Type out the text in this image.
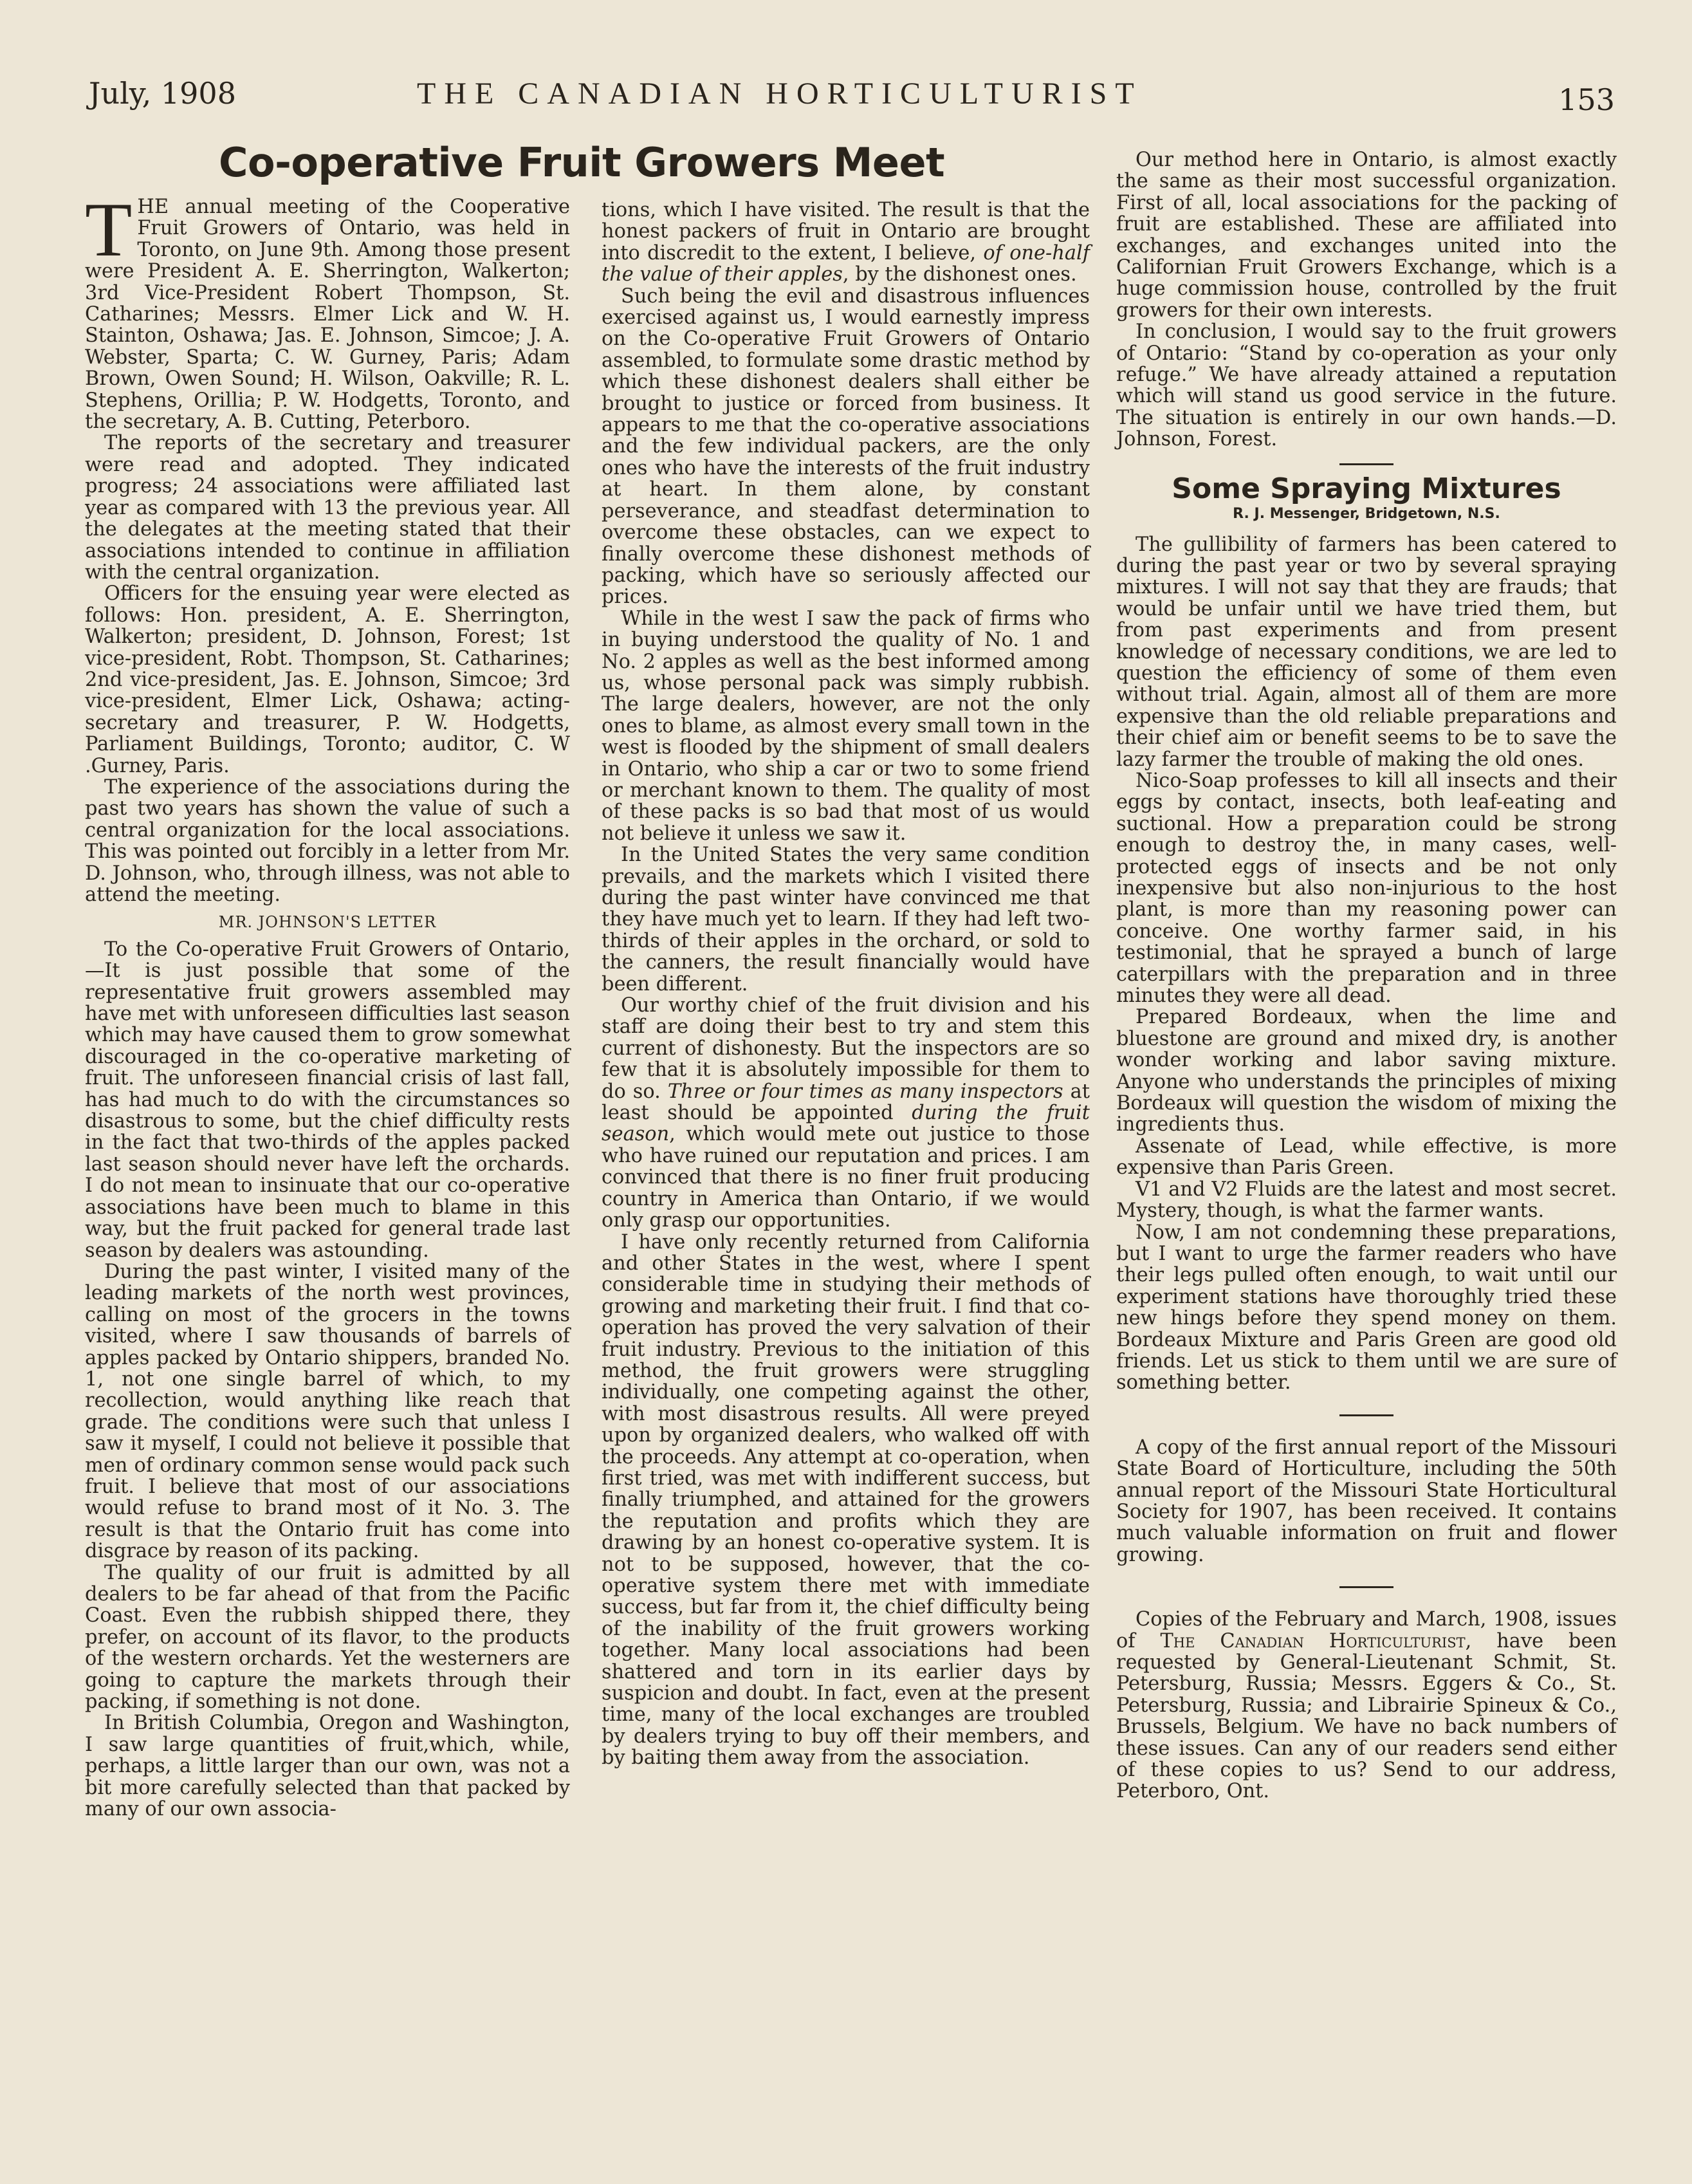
July, 1908	THE CANADIAN HORTICULTURIST	153
Co-operative Fruit Growers Meet

THE annual meeting of the Cooperative Fruit Growers of Ontario, was held in Toronto, on June 9th. Among those present were President A. E. Sherrington, Walkerton; 3rd Vice-President Robert Thompson, St. Catharines; Messrs. Elmer Lick and W. H. Stainton, Oshawa; Jas. E. Johnson, Simcoe; J. A. Webster, Sparta; C. W. Gurney, Paris; Adam Brown, Owen Sound; H. Wilson, Oakville; R. L. Stephens, Orillia; P. W. Hodgetts, Toronto, and the secretary, A. B. Cutting, Peterboro.

The reports of the secretary and treasurer were read and adopted. They indicated progress; 24 associations were affiliated last year as compared with 13 the previous year. All the delegates at the meeting stated that their associations intended to continue in affiliation with the central organization.

Officers for the ensuing year were elected as follows: Hon. president, A. E. Sherrington, Walkerton; president, D. Johnson, Forest; 1st vice-president, Robt. Thompson, St. Catharines; 2nd vice-president, Jas. E. Johnson, Simcoe; 3rd vice-president, Elmer Lick, Oshawa; acting-secretary and treasurer, P. W. Hodgetts, Parliament Buildings, Toronto; auditor, C. W .Gurney, Paris.

The experience of the associations during the past two years has shown the value of such a central organization for the local associations. This was pointed out forcibly in a letter from Mr. D. Johnson, who, through illness, was not able to attend the meeting.

MR. JOHNSON'S LETTER

To the Co-operative Fruit Growers of Ontario,—It is just possible that some of the representative fruit growers assembled may have met with unforeseen difficulties last season which may have caused them to grow somewhat discouraged in the co-operative marketing of fruit. The unforeseen financial crisis of last fall, has had much to do with the circumstances so disastrous to some, but the chief difficulty rests in the fact that two-thirds of the apples packed last season should never have left the orchards. I do not mean to insinuate that our co-operative associations have been much to blame in this way, but the fruit packed for general trade last season by dealers was astounding.

During the past winter, I visited many of the leading markets of the north west provinces, calling on most of the grocers in the towns visited, where I saw thousands of barrels of apples packed by Ontario shippers, branded No. 1, not one single barrel of which, to my recollection, would anything like reach that grade. The conditions were such that unless I saw it myself, I could not believe it possible that men of ordinary common sense would pack such fruit. I believe that most of our associations would refuse to brand most of it No. 3. The result is that the Ontario fruit has come into disgrace by reason of its packing.

The quality of our fruit is admitted by all dealers to be far ahead of that from the Pacific Coast. Even the rubbish shipped there, they prefer, on account of its flavor, to the products of the western orchards. Yet the westerners are going to capture the markets through their packing, if something is not done.

In British Columbia, Oregon and Washington, I saw large quantities of fruit,which, while, perhaps, a little larger than our own, was not a bit more carefully selected than that packed by many of our own associa-

tions, which I have visited. The result is that the honest packers of fruit in Ontario are brought into discredit to the extent, I believe, of one-half the value of their apples, by the dishonest ones.

Such being the evil and disastrous influences exercised against us, I would earnestly impress on the Co-operative Fruit Growers of Ontario assembled, to formulate some drastic method by which these dishonest dealers shall either be brought to justice or forced from business. It appears to me that the co-operative associations and the few individual packers, are the only ones who have the interests of the fruit industry at heart. In them alone, by constant perseverance, and steadfast determination to overcome these obstacles, can we expect to finally overcome these dishonest methods of packing, which have so seriously affected our prices.

While in the west I saw the pack of firms who in buying understood the quality of No. 1 and No. 2 apples as well as the best informed among us, whose personal pack was simply rubbish. The large dealers, however, are not the only ones to blame, as almost every small town in the west is flooded by the shipment of small dealers in Ontario, who ship a car or two to some friend or merchant known to them. The quality of most of these packs is so bad that most of us would not believe it unless we saw it.

In the United States the very same condition prevails, and the markets which I visited there during the past winter have convinced me that they have much yet to learn. If they had left two-thirds of their apples in the orchard, or sold to the canners, the result financially would have been different.

Our worthy chief of the fruit division and his staff are doing their best to try and stem this current of dishonesty. But the inspectors are so few that it is absolutely impossible for them to do so. Three or four times as many inspectors at least should be appointed during the fruit season, which would mete out justice to those who have ruined our reputation and prices. I am convinced that there is no finer fruit producing country in America than Ontario, if we would only grasp our opportunities.

I have only recently returned from California and other States in the west, where I spent considerable time in studying their methods of growing and marketing their fruit. I find that co-operation has proved the very salvation of their fruit industry. Previous to the initiation of this method, the fruit growers were struggling individually, one competing against the other, with most disastrous results. All were preyed upon by organized dealers, who walked off with the proceeds. Any attempt at co-operation, when first tried, was met with indifferent success, but finally triumphed, and attained for the growers the reputation and profits which they are drawing by an honest co-operative system. It is not to be supposed, however, that the co-operative system there met with immediate success, but far from it, the chief difficulty being of the inability of the fruit growers working together. Many local associations had been shattered and torn in its earlier days by suspicion and doubt. In fact, even at the present time, many of the local exchanges are troubled by dealers trying to buy off their members, and by baiting them away from the association.

Our method here in Ontario, is almost exactly the same as their most successful organization. First of all, local associations for the packing of fruit are established. These are affiliated into exchanges, and exchanges united into the Californian Fruit Growers Exchange, which is a huge commission house, controlled by the fruit growers for their own interests.

In conclusion, I would say to the fruit growers of Ontario: “Stand by co-operation as your only refuge.” We have already attained a reputation which will stand us good service in the future. The situation is entirely in our own hands.—D. Johnson, Forest.

Some Spraying Mixtures
R. J. Messenger, Bridgetown, N.S.

The gullibility of farmers has been catered to during the past year or two by several spraying mixtures. I will not say that they are frauds; that would be unfair until we have tried them, but from past experiments and from present knowledge of necessary conditions, we are led to question the efficiency of some of them even without trial. Again, almost all of them are more expensive than the old reliable preparations and their chief aim or benefit seems to be to save the lazy farmer the trouble of making the old ones.

Nico-Soap professes to kill all insects and their eggs by contact, insects, both leaf-eating and suctional. How a preparation could be strong enough to destroy the, in many cases, well-protected eggs of insects and be not only inexpensive but also non-injurious to the host plant, is more than my reasoning power can conceive. One worthy farmer said, in his testimonial, that he sprayed a bunch of large caterpillars with the preparation and in three minutes they were all dead.

Prepared Bordeaux, when the lime and bluestone are ground and mixed dry, is another wonder working and labor saving mixture. Anyone who understands the principles of mixing Bordeaux will question the wisdom of mixing the ingredients thus.

Assenate of Lead, while effective, is more expensive than Paris Green.

V1 and V2 Fluids are the latest and most secret. Mystery, though, is what the farmer wants.

Now, I am not condemning these preparations, but I want to urge the farmer readers who have their legs pulled often enough, to wait until our experiment stations have thoroughly tried these new hings before they spend money on them. Bordeaux Mixture and Paris Green are good old friends. Let us stick to them until we are sure of something better.

A copy of the first annual report of the Missouri State Board of Horticulture, including the 50th annual report of the Missouri State Horticultural Society for 1907, has been received. It contains much valuable information on fruit and flower growing.

Copies of the February and March, 1908, issues of The Canadian Horticulturist, have been requested by General-Lieutenant Schmit, St. Petersburg, Russia; Messrs. Eggers & Co., St. Petersburg, Russia; and Librairie Spineux & Co., Brussels, Belgium. We have no back numbers of these issues. Can any of our readers send either of these copies to us? Send to our address, Peterboro, Ont.
